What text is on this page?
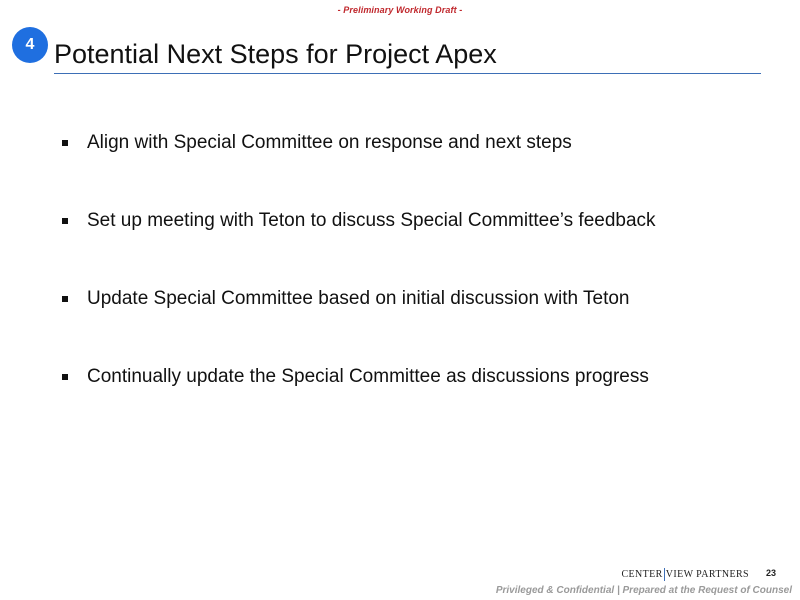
- Preliminary Working Draft -
4 Potential Next Steps for Project Apex
Align with Special Committee on response and next steps
Set up meeting with Teton to discuss Special Committee’s feedback
Update Special Committee based on initial discussion with Teton
Continually update the Special Committee as discussions progress
CENTER VIEW PARTNERS 23
Privileged & Confidential | Prepared at the Request of Counsel
